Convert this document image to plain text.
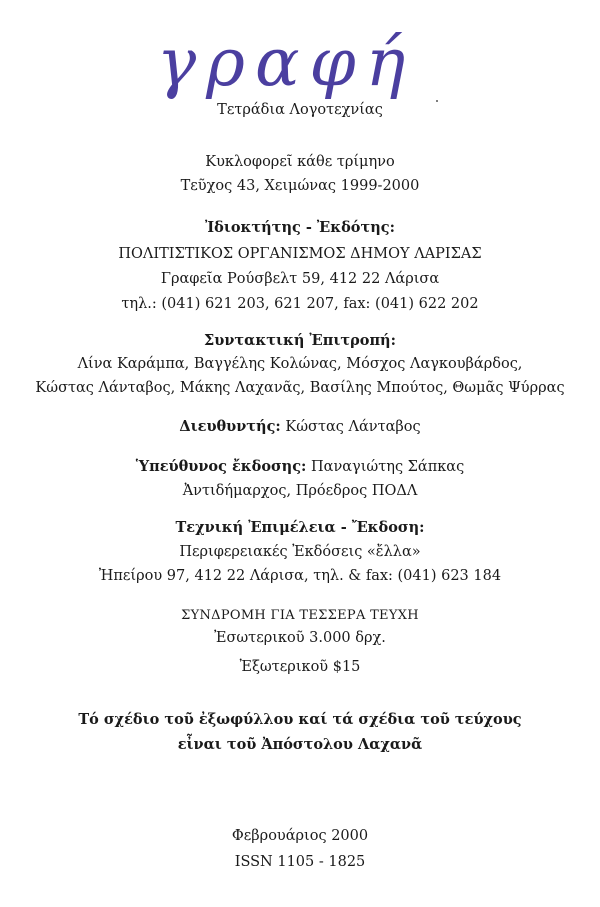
γραφή
Τετράδια Λογοτεχνίας
Κυκλοφορεῖ κάθε τρίμηνο
Τεῦχος 43, Χειμώνας 1999-2000
Ἰδιοκτήτης - Ἐκδότης:
ΠΟΛΙΤΙΣΤΙΚΟΣ ΟΡΓΑΝΙΣΜΟΣ ΔΗΜΟΥ ΛΑΡΙΣΑΣ
Γραφεῖα Ρούσβελτ 59, 412 22 Λάρισα
τηλ.: (041) 621 203, 621 207, fax: (041) 622 202
Συντακτική Ἐπιτροπή:
Λίνα Καράμπα, Βαγγέλης Κολώνας, Μόσχος Λαγκουβάρδος,
Κώστας Λάνταβος, Μάκης Λαχανᾶς, Βασίλης Μπούτος, Θωμᾶς Ψύρρας
Διευθυντής: Κώστας Λάνταβος
Ὑπεύθυνος ἔκδοσης: Παναγιώτης Σάπκας
Ἀντιδήμαρχος, Πρόεδρος ΠΟΔΛ
Τεχνική Ἐπιμέλεια - Ἔκδοση:
Περιφερειακές Ἐκδόσεις «ἔλλα»
Ἠπείρου 97, 412 22 Λάρισα, τηλ. & fax: (041) 623 184
ΣΥΝΔΡΟΜΗ ΓΙΑ ΤΕΣΣΕΡΑ ΤΕΥΧΗ
Ἐσωτερικοῦ 3.000 δρχ.
Ἐξωτερικοῦ $15
Τό σχέδιο τοῦ ἐξωφύλλου καί τά σχέδια τοῦ τεύχους
εἶναι τοῦ Ἀπόστολου Λαχανᾶ
Φεβρουάριος 2000
ISSN 1105 - 1825
